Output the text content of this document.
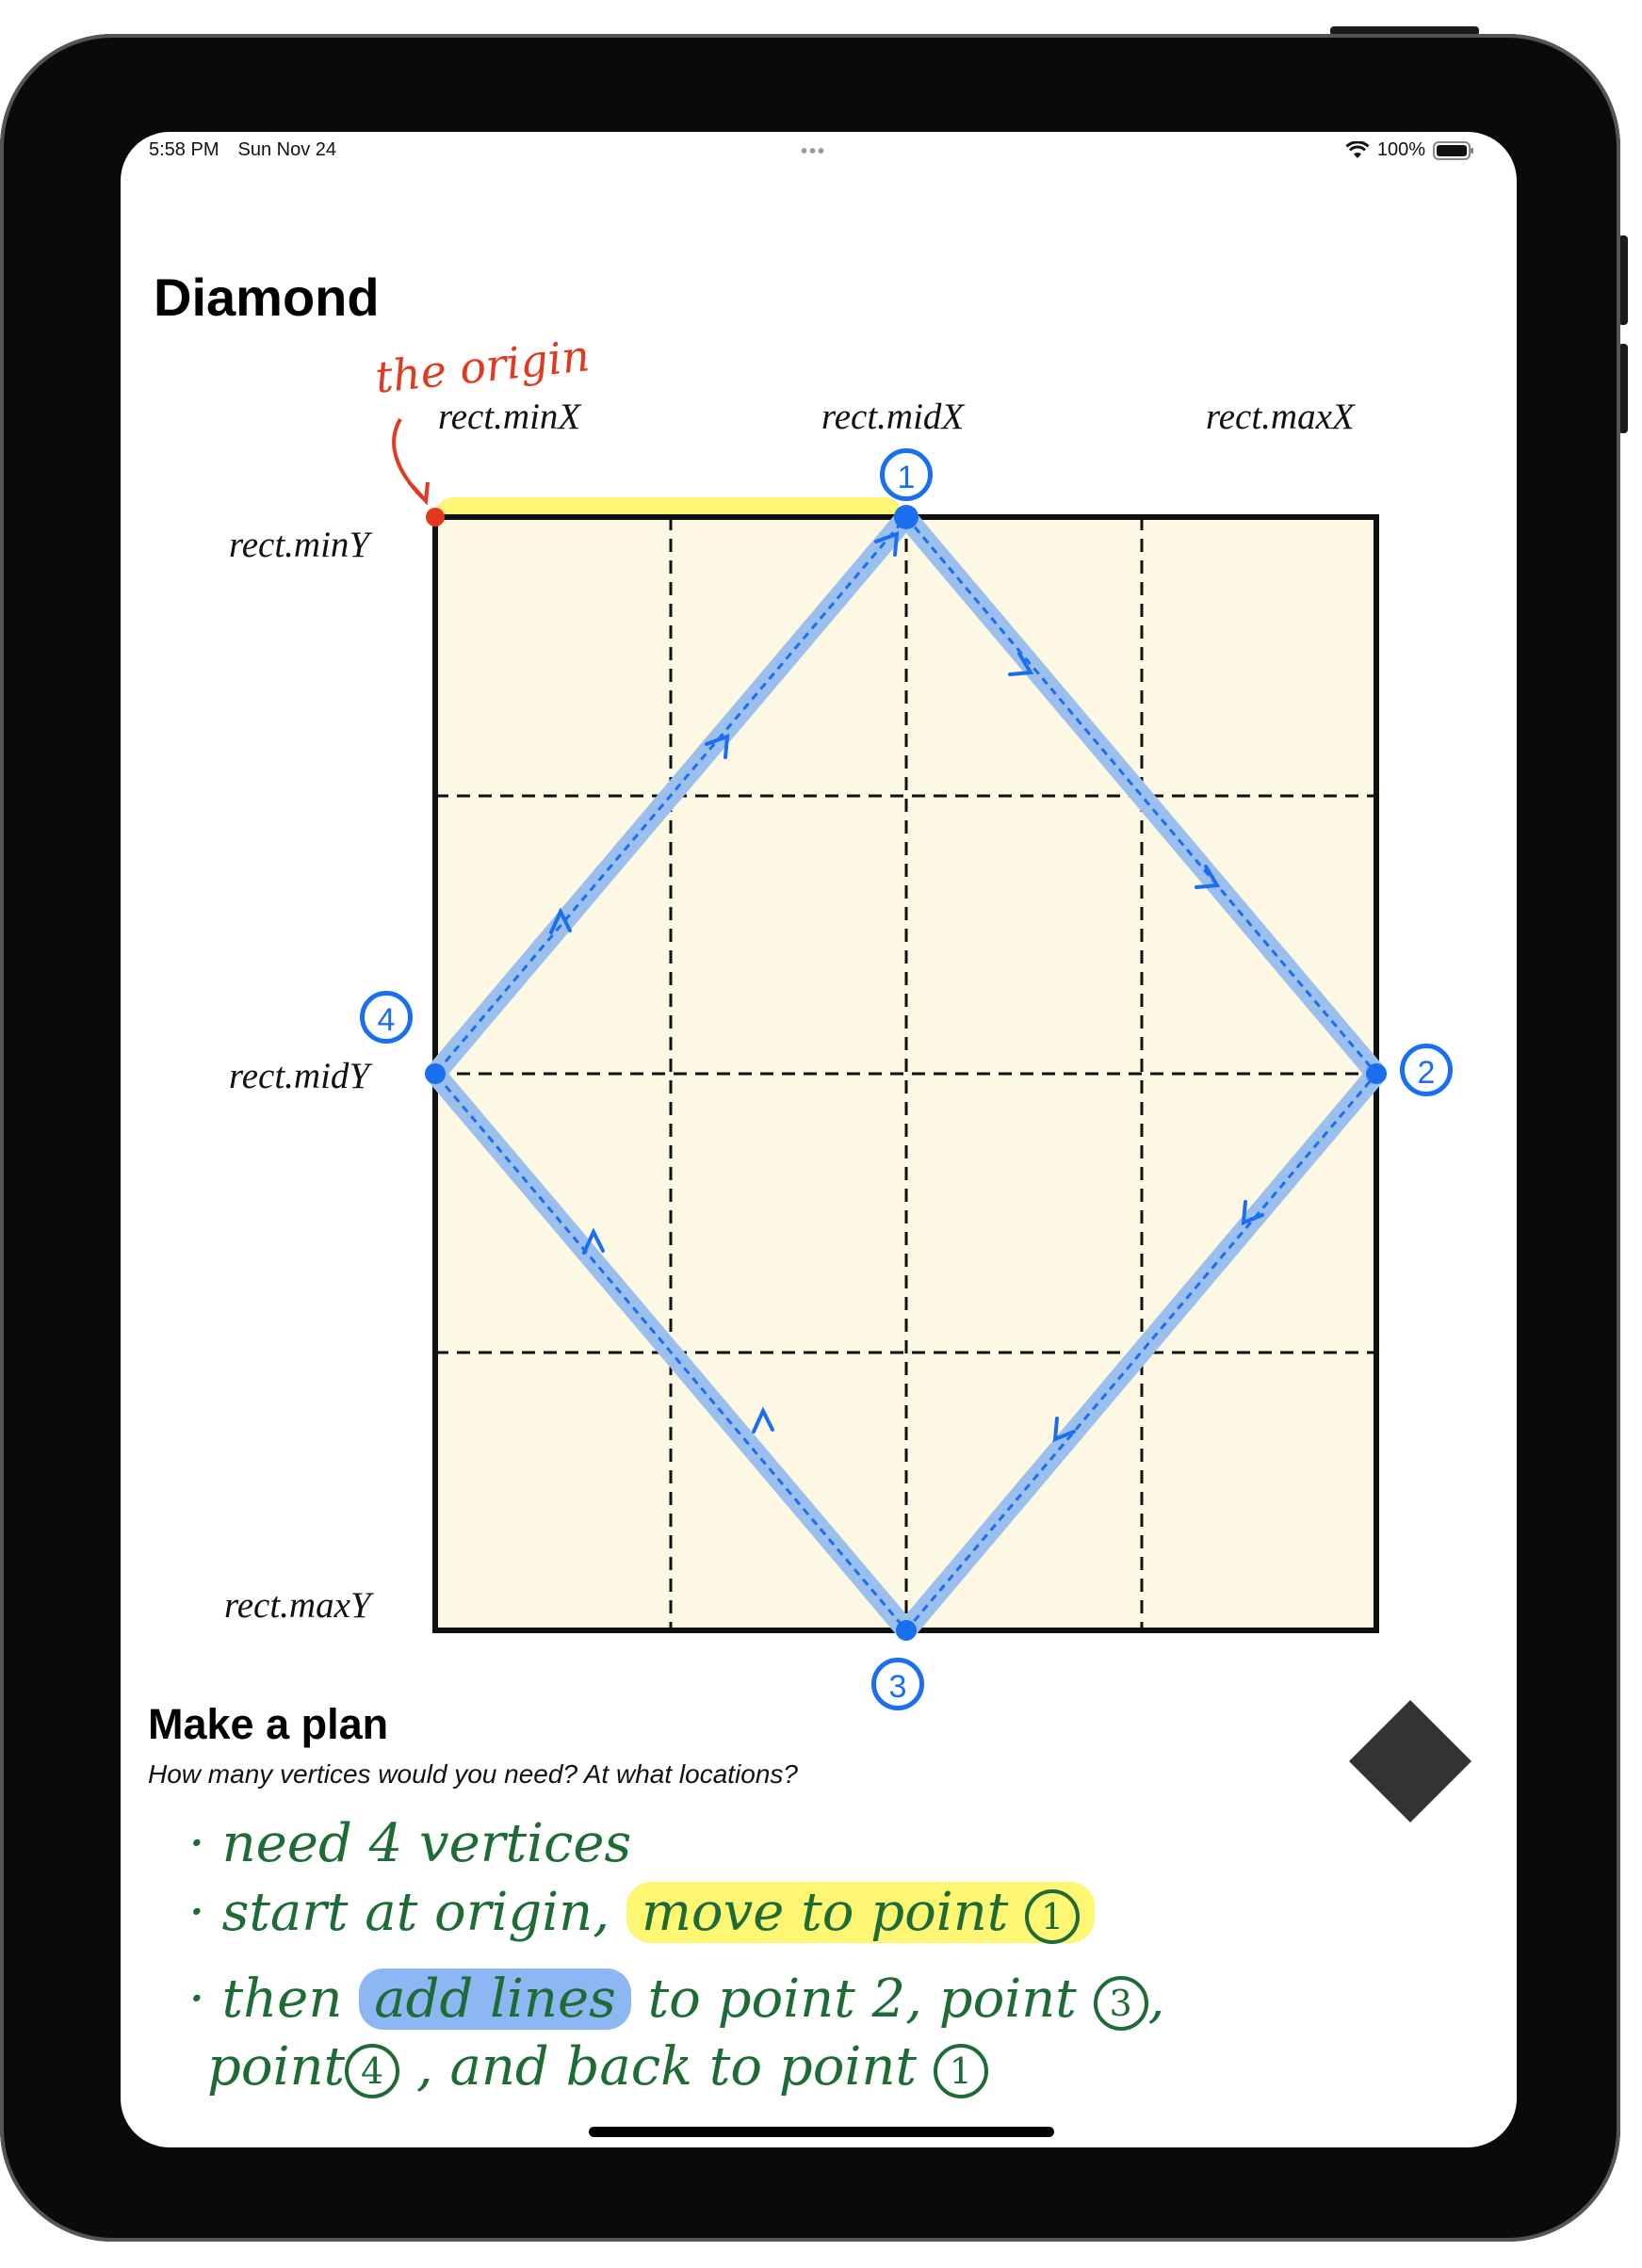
5:58 PM Sun Nov 24	•••	100%
Diamond
the origin
rect.minX	rect.midX	rect.maxX
rect.minY
rect.midY
rect.maxY
1
2
3
4
Make a plan
How many vertices would you need? At what locations?
· need 4 vertices
· start at origin, move to point 1
· then add lines to point 2, point 3 ,
point 4 , and back to point 1
